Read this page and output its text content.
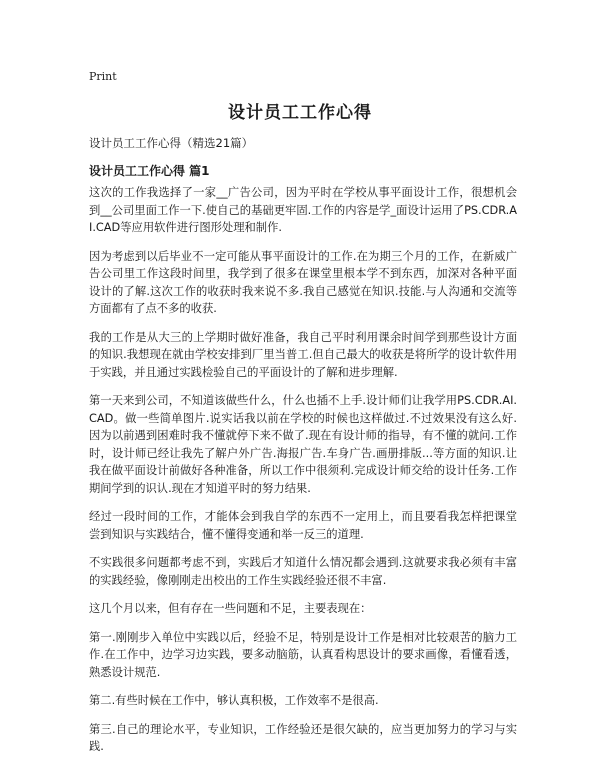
Print
设计员工工作心得
设计员工工作心得（精选21篇）
设计员工工作心得 篇1

这次的工作我选择了一家__广告公司，因为平时在学校从事平面设计工作，很想机会到__公司里面工作一下.使自己的基础更牢固.工作的内容是学_面设计运用了PS.CDR.AI.CAD等应用软件进行图形处理和制作.

因为考虑到以后毕业不一定可能从事平面设计的工作.在为期三个月的工作，在新威广告公司里工作这段时间里，我学到了很多在课堂里根本学不到东西，加深对各种平面设计的了解.这次工作的收获时我来说不多.我自己感觉在知识.技能.与人沟通和交流等方面都有了点不多的收获.

我的工作是从大三的上学期时做好准备，我自己平时利用课余时间学到那些设计方面的知识.我想现在就由学校安排到厂里当普工.但自己最大的收获是将所学的设计软件用于实践，并且通过实践检验自己的平面设计的了解和进步理解.

第一天来到公司，不知道该做些什么，什么也插不上手.设计师们让我学用PS.CDR.AI.CAD。做一些简单图片.说实话我以前在学校的时候也这样做过.不过效果没有这么好.因为以前遇到困难时我不懂就停下来不做了.现在有设计师的指导，有不懂的就问.工作时，设计师已经让我先了解户外广告.海报广告.车身广告.画册排版...等方面的知识.让我在做平面设计前做好各种准备，所以工作中很须利.完成设计师交给的设计任务.工作期间学到的识认.现在才知道平时的努力结果.

经过一段时间的工作，才能体会到我自学的东西不一定用上，而且要看我怎样把课堂尝到知识与实践结合，懂不懂得变通和举一反三的道理.

不实践很多问题都考虑不到，实践后才知道什么情况都会遇到.这就要求我必须有丰富的实践经验，像刚刚走出校出的工作生实践经验还很不丰富.

这几个月以来，但有存在一些问题和不足，主要表现在：

第一.刚刚步入单位中实践以后，经验不足，特别是设计工作是相对比较艰苦的脑力工作.在工作中，边学习边实践，要多动脑筋，认真看构思设计的要求画像，看懂看透，熟悉设计规范.

第二.有些时候在工作中，够认真积极，工作效率不是很高.

第三.自己的理论水平，专业知识，工作经验还是很欠缺的，应当更加努力的学习与实践.
